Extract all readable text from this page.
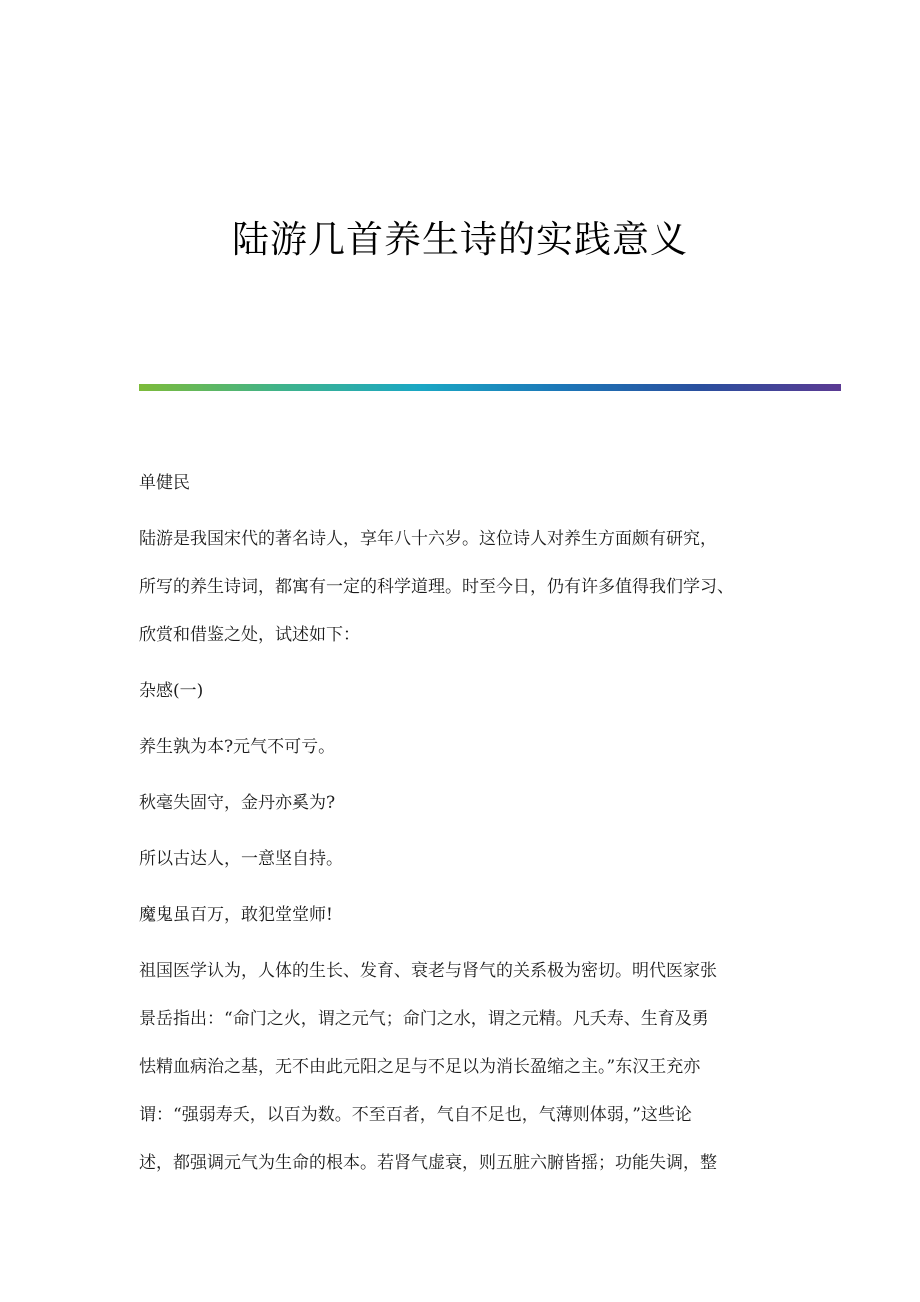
陆游几首养生诗的实践意义

单健民

陆游是我国宋代的著名诗人，享年八十六岁。这位诗人对养生方面颇有研究，
所写的养生诗词，都寓有一定的科学道理。时至今日，仍有许多值得我们学习、
欣赏和借鉴之处，试述如下：

杂感(一)

养生孰为本?元气不可亏。

秋毫失固守，金丹亦奚为?

所以古达人，一意坚自持。

魔鬼虽百万，敢犯堂堂师!

祖国医学认为，人体的生长、发育、衰老与肾气的关系极为密切。明代医家张
景岳指出：“命门之火，谓之元气；命门之水，谓之元精。凡夭寿、生育及勇
怯精血病治之基，无不由此元阳之足与不足以为消长盈缩之主。”东汉王充亦
谓：“强弱寿夭，以百为数。不至百者，气自不足也，气薄则体弱，”这些论
述，都强调元气为生命的根本。若肾气虚衰，则五脏六腑皆摇；功能失调，整
